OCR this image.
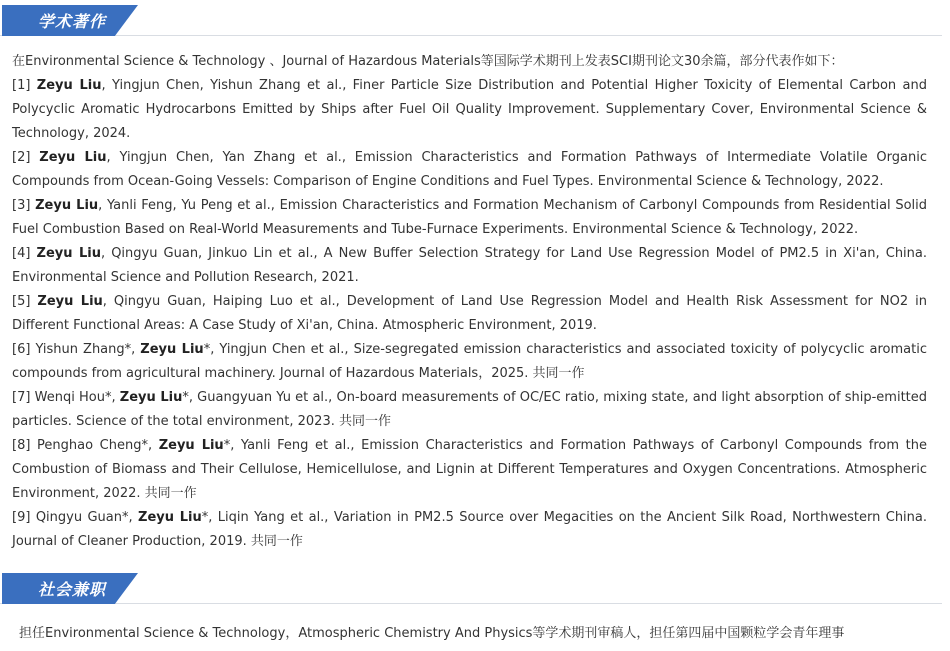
学术著作

在Environmental Science & Technology 、Journal of Hazardous Materials等国际学术期刊上发表SCI期刊论文30余篇，部分代表作如下：

[1] Zeyu Liu, Yingjun Chen, Yishun Zhang et al., Finer Particle Size Distribution and Potential Higher Toxicity of Elemental Carbon and Polycyclic Aromatic Hydrocarbons Emitted by Ships after Fuel Oil Quality Improvement. Supplementary Cover, Environmental Science & Technology, 2024.

[2] Zeyu Liu, Yingjun Chen, Yan Zhang et al., Emission Characteristics and Formation Pathways of Intermediate Volatile Organic Compounds from Ocean-Going Vessels: Comparison of Engine Conditions and Fuel Types. Environmental Science & Technology, 2022.

[3] Zeyu Liu, Yanli Feng, Yu Peng et al., Emission Characteristics and Formation Mechanism of Carbonyl Compounds from Residential Solid Fuel Combustion Based on Real-World Measurements and Tube-Furnace Experiments. Environmental Science & Technology, 2022.

[4] Zeyu Liu, Qingyu Guan, Jinkuo Lin et al., A New Buffer Selection Strategy for Land Use Regression Model of PM2.5 in Xi'an, China. Environmental Science and Pollution Research, 2021.

[5] Zeyu Liu, Qingyu Guan, Haiping Luo et al., Development of Land Use Regression Model and Health Risk Assessment for NO2 in Different Functional Areas: A Case Study of Xi'an, China. Atmospheric Environment, 2019.

[6] Yishun Zhang*, Zeyu Liu*, Yingjun Chen et al., Size-segregated emission characteristics and associated toxicity of polycyclic aromatic compounds from agricultural machinery. Journal of Hazardous Materials，2025. 共同一作

[7] Wenqi Hou*, Zeyu Liu*, Guangyuan Yu et al., On-board measurements of OC/EC ratio, mixing state, and light absorption of ship-emitted particles. Science of the total environment, 2023. 共同一作

[8] Penghao Cheng*, Zeyu Liu*, Yanli Feng et al., Emission Characteristics and Formation Pathways of Carbonyl Compounds from the Combustion of Biomass and Their Cellulose, Hemicellulose, and Lignin at Different Temperatures and Oxygen Concentrations. Atmospheric Environment, 2022. 共同一作

[9] Qingyu Guan*, Zeyu Liu*, Liqin Yang et al., Variation in PM2.5 Source over Megacities on the Ancient Silk Road, Northwestern China. Journal of Cleaner Production, 2019. 共同一作

社会兼职
担任Environmental Science & Technology，Atmospheric Chemistry And Physics等学术期刊审稿人，担任第四届中国颗粒学会青年理事
